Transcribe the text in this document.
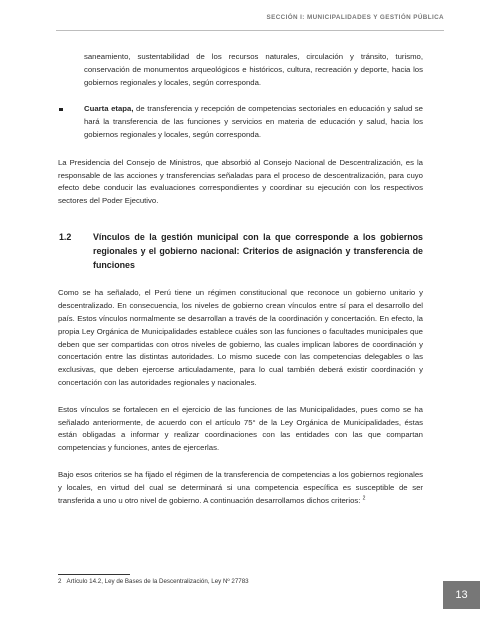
SECCIÓN I: MUNICIPALIDADES Y GESTIÓN PÚBLICA

saneamiento, sustentabilidad de los recursos naturales, circulación y tránsito, turismo, conservación de monumentos arqueológicos e históricos, cultura, recreación y deporte, hacia los gobiernos regionales y locales, según corresponda.

Cuarta etapa, de transferencia y recepción de competencias sectoriales en educación y salud se hará la transferencia de las funciones y servicios en materia de educación y salud, hacia los gobiernos regionales y locales, según corresponda.

La Presidencia del Consejo de Ministros, que absorbió al Consejo Nacional de Descentralización, es la responsable de las acciones y transferencias señaladas para el proceso de descentralización, para cuyo efecto debe conducir las evaluaciones correspondientes y coordinar su ejecución con los respectivos sectores del Poder Ejecutivo.

1.2 Vínculos de la gestión municipal con la que corresponde a los gobiernos regionales y el gobierno nacional: Criterios de asignación y transferencia de funciones

Como se ha señalado, el Perú tiene un régimen constitucional que reconoce un gobierno unitario y descentralizado. En consecuencia, los niveles de gobierno crean vínculos entre sí para el desarrollo del país. Estos vínculos normalmente se desarrollan a través de la coordinación y concertación. En efecto, la propia Ley Orgánica de Municipalidades establece cuáles son las funciones o facultades municipales que deben que ser compartidas con otros niveles de gobierno, las cuales implican labores de coordinación y concertación entre las distintas autoridades. Lo mismo sucede con las competencias delegables o las exclusivas, que deben ejercerse articuladamente, para lo cual también deberá existir coordinación y concertación con las autoridades regionales y nacionales.

Estos vínculos se fortalecen en el ejercicio de las funciones de las Municipalidades, pues como se ha señalado anteriormente, de acuerdo con el artículo 75° de la Ley Orgánica de Municipalidades, éstas están obligadas a informar y realizar coordinaciones con las entidades con las que compartan competencias y funciones, antes de ejercerlas.

Bajo esos criterios se ha fijado el régimen de la transferencia de competencias a los gobiernos regionales y locales, en virtud del cual se determinará si una competencia específica es susceptible de ser transferida a uno u otro nivel de gobierno. A continuación desarrollamos dichos criterios: $^2$

2 Artículo 14.2, Ley de Bases de la Descentralización, Ley Nº 27783
13
